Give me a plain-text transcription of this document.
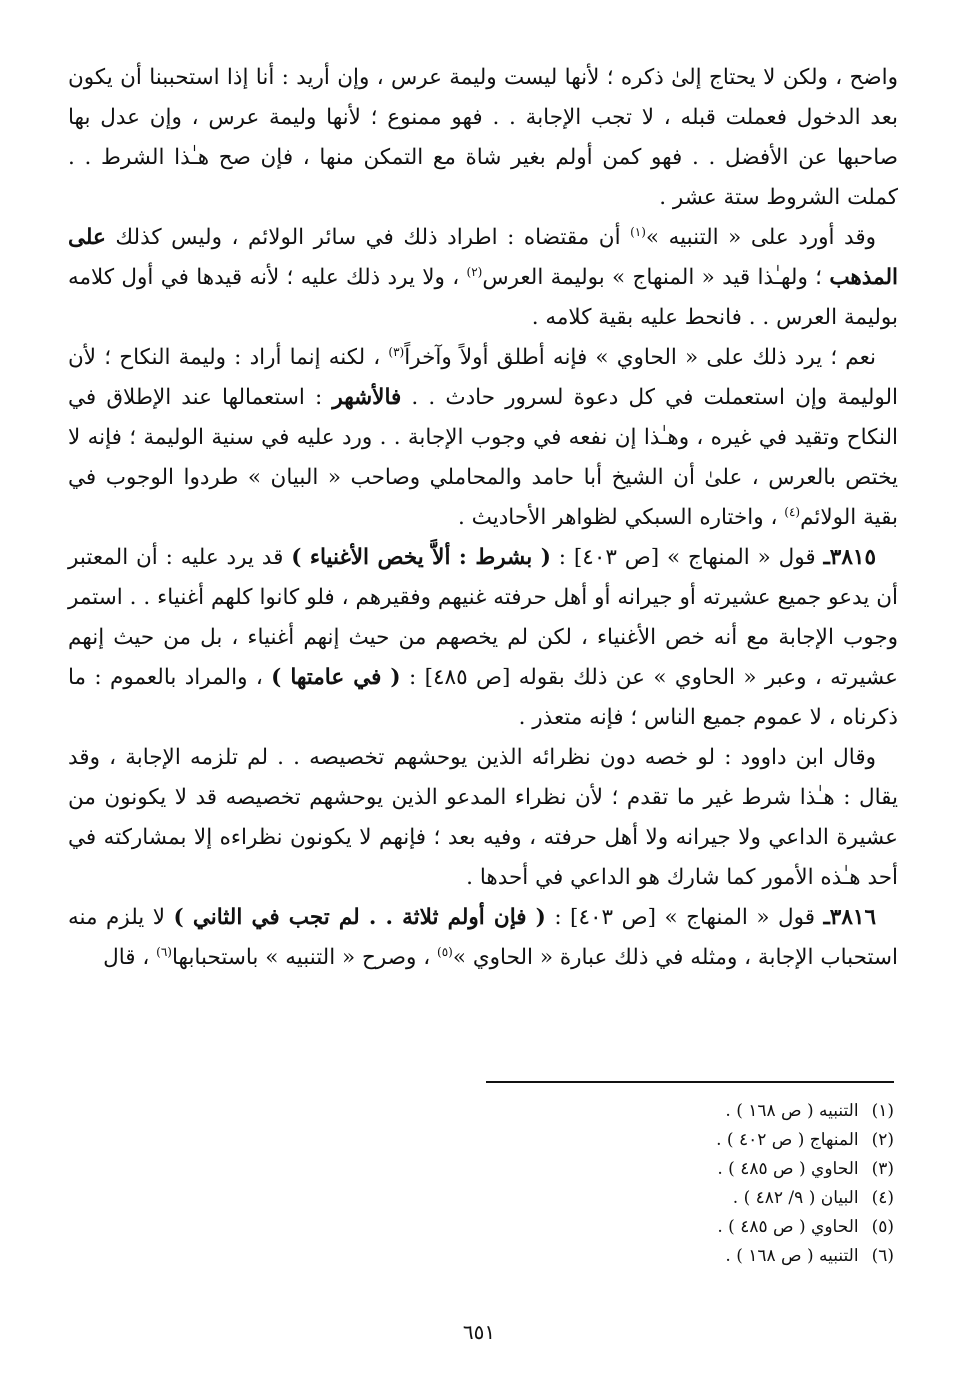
واضح ، ولكن لا يحتاج إلىٰ ذكره ؛ لأنها ليست وليمة عرس ، وإن أريد : أنا إذا استحببنا أن يكون بعد الدخول فعملت قبله ، لا تجب الإجابة . . فهو ممنوع ؛ لأنها وليمة عرس ، وإن عدل بها صاحبها عن الأفضل . . فهو كمن أولم بغير شاة مع التمكن منها ، فإن صح هـٰذا الشرط . . كملت الشروط ستة عشر .

وقد أورد على « التنبيه »$^{(١)}$ أن مقتضاه : اطراد ذلك في سائر الولائم ، وليس كذلك على المذهب ؛ ولهـٰذا قيد « المنهاج » بوليمة العرس$^{(٢)}$ ، ولا يرد ذلك عليه ؛ لأنه قيدها في أول كلامه بوليمة العرس . . فانحط عليه بقية كلامه .

نعم ؛ يرد ذلك على « الحاوي » فإنه أطلق أولاً وآخراً$^{(٣)}$ ، لكنه إنما أراد : وليمة النكاح ؛ لأن الوليمة وإن استعملت في كل دعوة لسرور حادث . . فالأشهر : استعمالها عند الإطلاق في النكاح وتقيد في غيره ، وهـٰذا إن نفعه في وجوب الإجابة . . ورد عليه في سنية الوليمة ؛ فإنه لا يختص بالعرس ، علىٰ أن الشيخ أبا حامد والمحاملي وصاحب « البيان » طردوا الوجوب في بقية الولائم$^{(٤)}$ ، واختاره السبكي لظواهر الأحاديث .

٣٨١٥ـ قول « المنهاج » [ص ٤٠٣] : ( بشرط : ألاَّ يخص الأغنياء ) قد يرد عليه : أن المعتبر أن يدعو جميع عشيرته أو جيرانه أو أهل حرفته غنيهم وفقيرهم ، فلو كانوا كلهم أغنياء . . استمر وجوب الإجابة مع أنه خص الأغنياء ، لكن لم يخصهم من حيث إنهم أغنياء ، بل من حيث إنهم عشيرته ، وعبر « الحاوي » عن ذلك بقوله [ص ٤٨٥] : ( في عامتها ) ، والمراد بالعموم : ما ذكرناه ، لا عموم جميع الناس ؛ فإنه متعذر .

وقال ابن داوود : لو خصه دون نظرائه الذين يوحشهم تخصيصه . . لم تلزمه الإجابة ، وقد يقال : هـٰذا شرط غير ما تقدم ؛ لأن نظراء المدعو الذين يوحشهم تخصيصه قد لا يكونون من عشيرة الداعي ولا جيرانه ولا أهل حرفته ، وفيه بعد ؛ فإنهم لا يكونون نظراءه إلا بمشاركته في أحد هـٰذه الأمور كما شارك هو الداعي في أحدها .

٣٨١٦ـ قول « المنهاج » [ص ٤٠٣] : ( فإن أولم ثلاثة . . لم تجب في الثاني ) لا يلزم منه استحباب الإجابة ، ومثله في ذلك عبارة « الحاوي »$^{(٥)}$ ، وصرح « التنبيه » باستحبابها$^{(٦)}$ ، قال

(١) التنبيه ( ص ١٦٨ ) .

(٢) المنهاج ( ص ٤٠٢ ) .

(٣) الحاوي ( ص ٤٨٥ ) .

(٤) البيان ( ٩/ ٤٨٢ ) .

(٥) الحاوي ( ص ٤٨٥ ) .

(٦) التنبيه ( ص ١٦٨ ) .

٦٥١
